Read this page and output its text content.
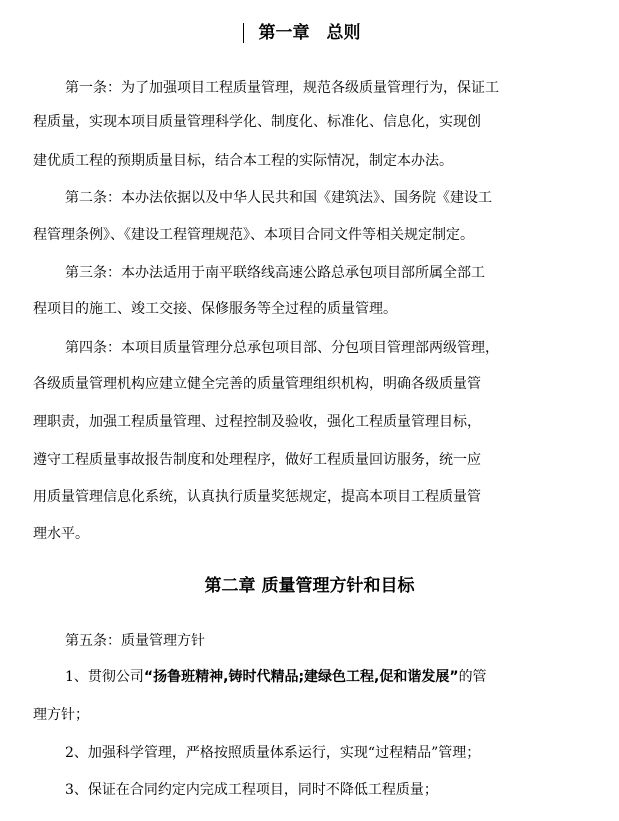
第一章　总则

第一条：为了加强项目工程质量管理，规范各级质量管理行为，保证工

程质量，实现本项目质量管理科学化、制度化、标准化、信息化，实现创

建优质工程的预期质量目标，结合本工程的实际情况，制定本办法。

第二条：本办法依据以及中华人民共和国《建筑法》、国务院《建设工

程管理条例》、《建设工程管理规范》、本项目合同文件等相关规定制定。

第三条：本办法适用于南平联络线高速公路总承包项目部所属全部工

程项目的施工、竣工交接、保修服务等全过程的质量管理。

第四条：本项目质量管理分总承包项目部、分包项目管理部两级管理，

各级质量管理机构应建立健全完善的质量管理组织机构，明确各级质量管

理职责，加强工程质量管理、过程控制及验收，强化工程质量管理目标，

遵守工程质量事故报告制度和处理程序，做好工程质量回访服务，统一应

用质量管理信息化系统，认真执行质量奖惩规定，提高本项目工程质量管

理水平。

第二章 质量管理方针和目标

第五条：质量管理方针

1、贯彻公司“扬鲁班精神,铸时代精品;建绿色工程,促和谐发展”的管

理方针；

2、加强科学管理，严格按照质量体系运行，实现“过程精品”管理；

3、保证在合同约定内完成工程项目，同时不降低工程质量；
